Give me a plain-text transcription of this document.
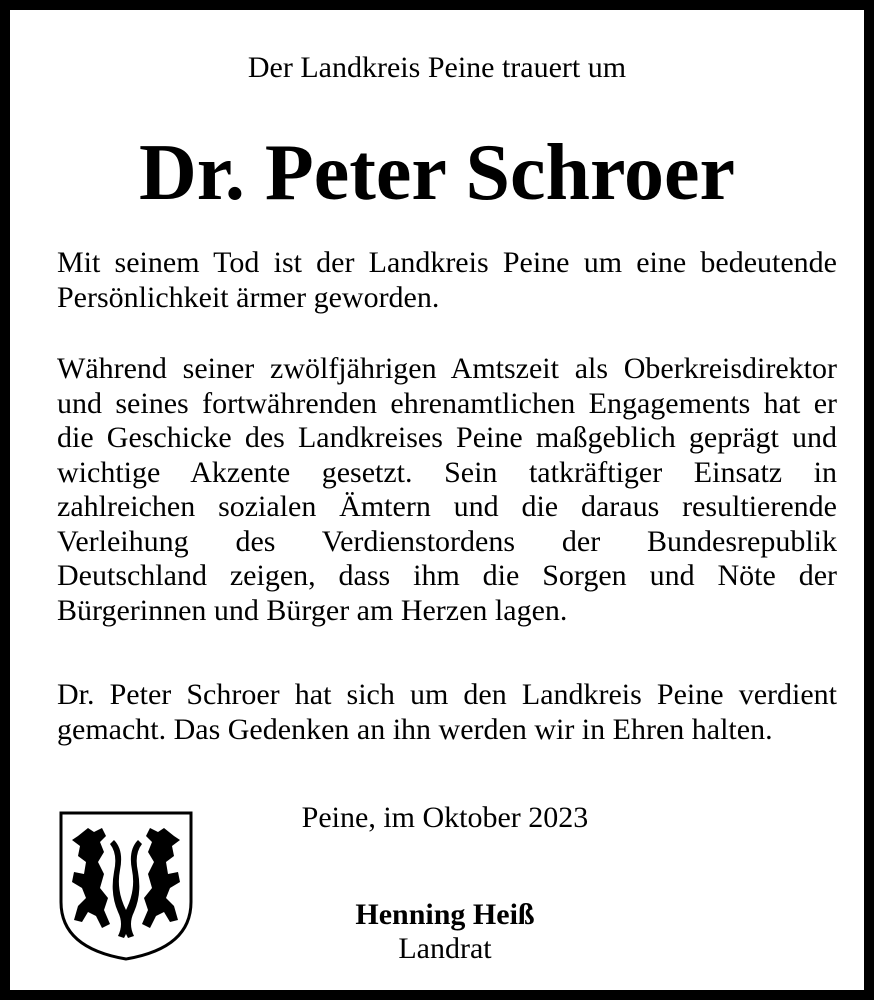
Der Landkreis Peine trauert um
Dr. Peter Schroer
Mit seinem Tod ist der Landkreis Peine um eine bedeutende Persönlichkeit ärmer geworden.
Während seiner zwölfjährigen Amtszeit als Oberkreisdirektor und seines fortwährenden ehrenamtlichen Engagements hat er die Geschicke des Landkreises Peine maßgeblich geprägt und wichtige Akzente gesetzt. Sein tatkräftiger Einsatz in zahlreichen sozialen Ämtern und die daraus resultierende Verleihung des Verdienstordens der Bundesrepublik Deutschland zeigen, dass ihm die Sorgen und Nöte der Bürgerinnen und Bürger am Herzen lagen.
Dr. Peter Schroer hat sich um den Landkreis Peine verdient gemacht. Das Gedenken an ihn werden wir in Ehren halten.
Peine, im Oktober 2023
Henning Heiß
Landrat
